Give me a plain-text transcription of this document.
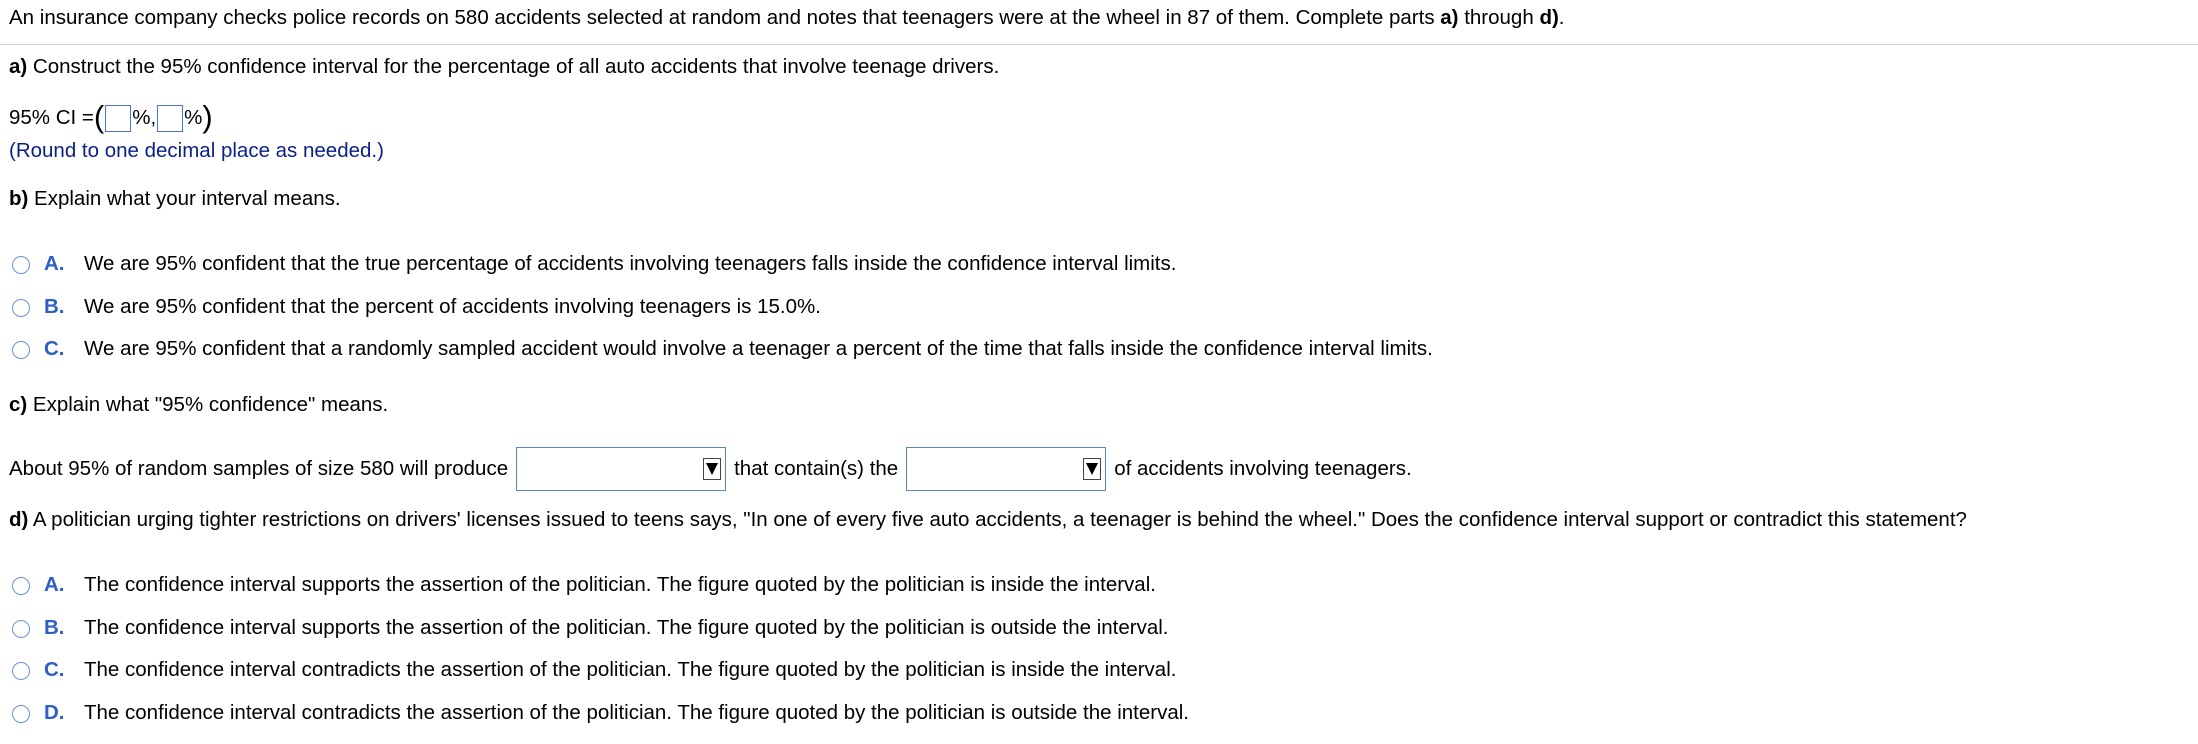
An insurance company checks police records on 580 accidents selected at random and notes that teenagers were at the wheel in 87 of them. Complete parts a) through d).
a) Construct the 95% confidence interval for the percentage of all auto accidents that involve teenage drivers.
95% CI = ( %, % )
(Round to one decimal place as needed.)
b) Explain what your interval means.
A. We are 95% confident that the true percentage of accidents involving teenagers falls inside the confidence interval limits.
B. We are 95% confident that the percent of accidents involving teenagers is 15.0%.
C. We are 95% confident that a randomly sampled accident would involve a teenager a percent of the time that falls inside the confidence interval limits.
c) Explain what "95% confidence" means.
About 95% of random samples of size 580 will produce	that contain(s) the	of accidents involving teenagers.
d) A politician urging tighter restrictions on drivers' licenses issued to teens says, "In one of every five auto accidents, a teenager is behind the wheel." Does the confidence interval support or contradict this statement?
A. The confidence interval supports the assertion of the politician. The figure quoted by the politician is inside the interval.
B. The confidence interval supports the assertion of the politician. The figure quoted by the politician is outside the interval.
C. The confidence interval contradicts the assertion of the politician. The figure quoted by the politician is inside the interval.
D. The confidence interval contradicts the assertion of the politician. The figure quoted by the politician is outside the interval.
